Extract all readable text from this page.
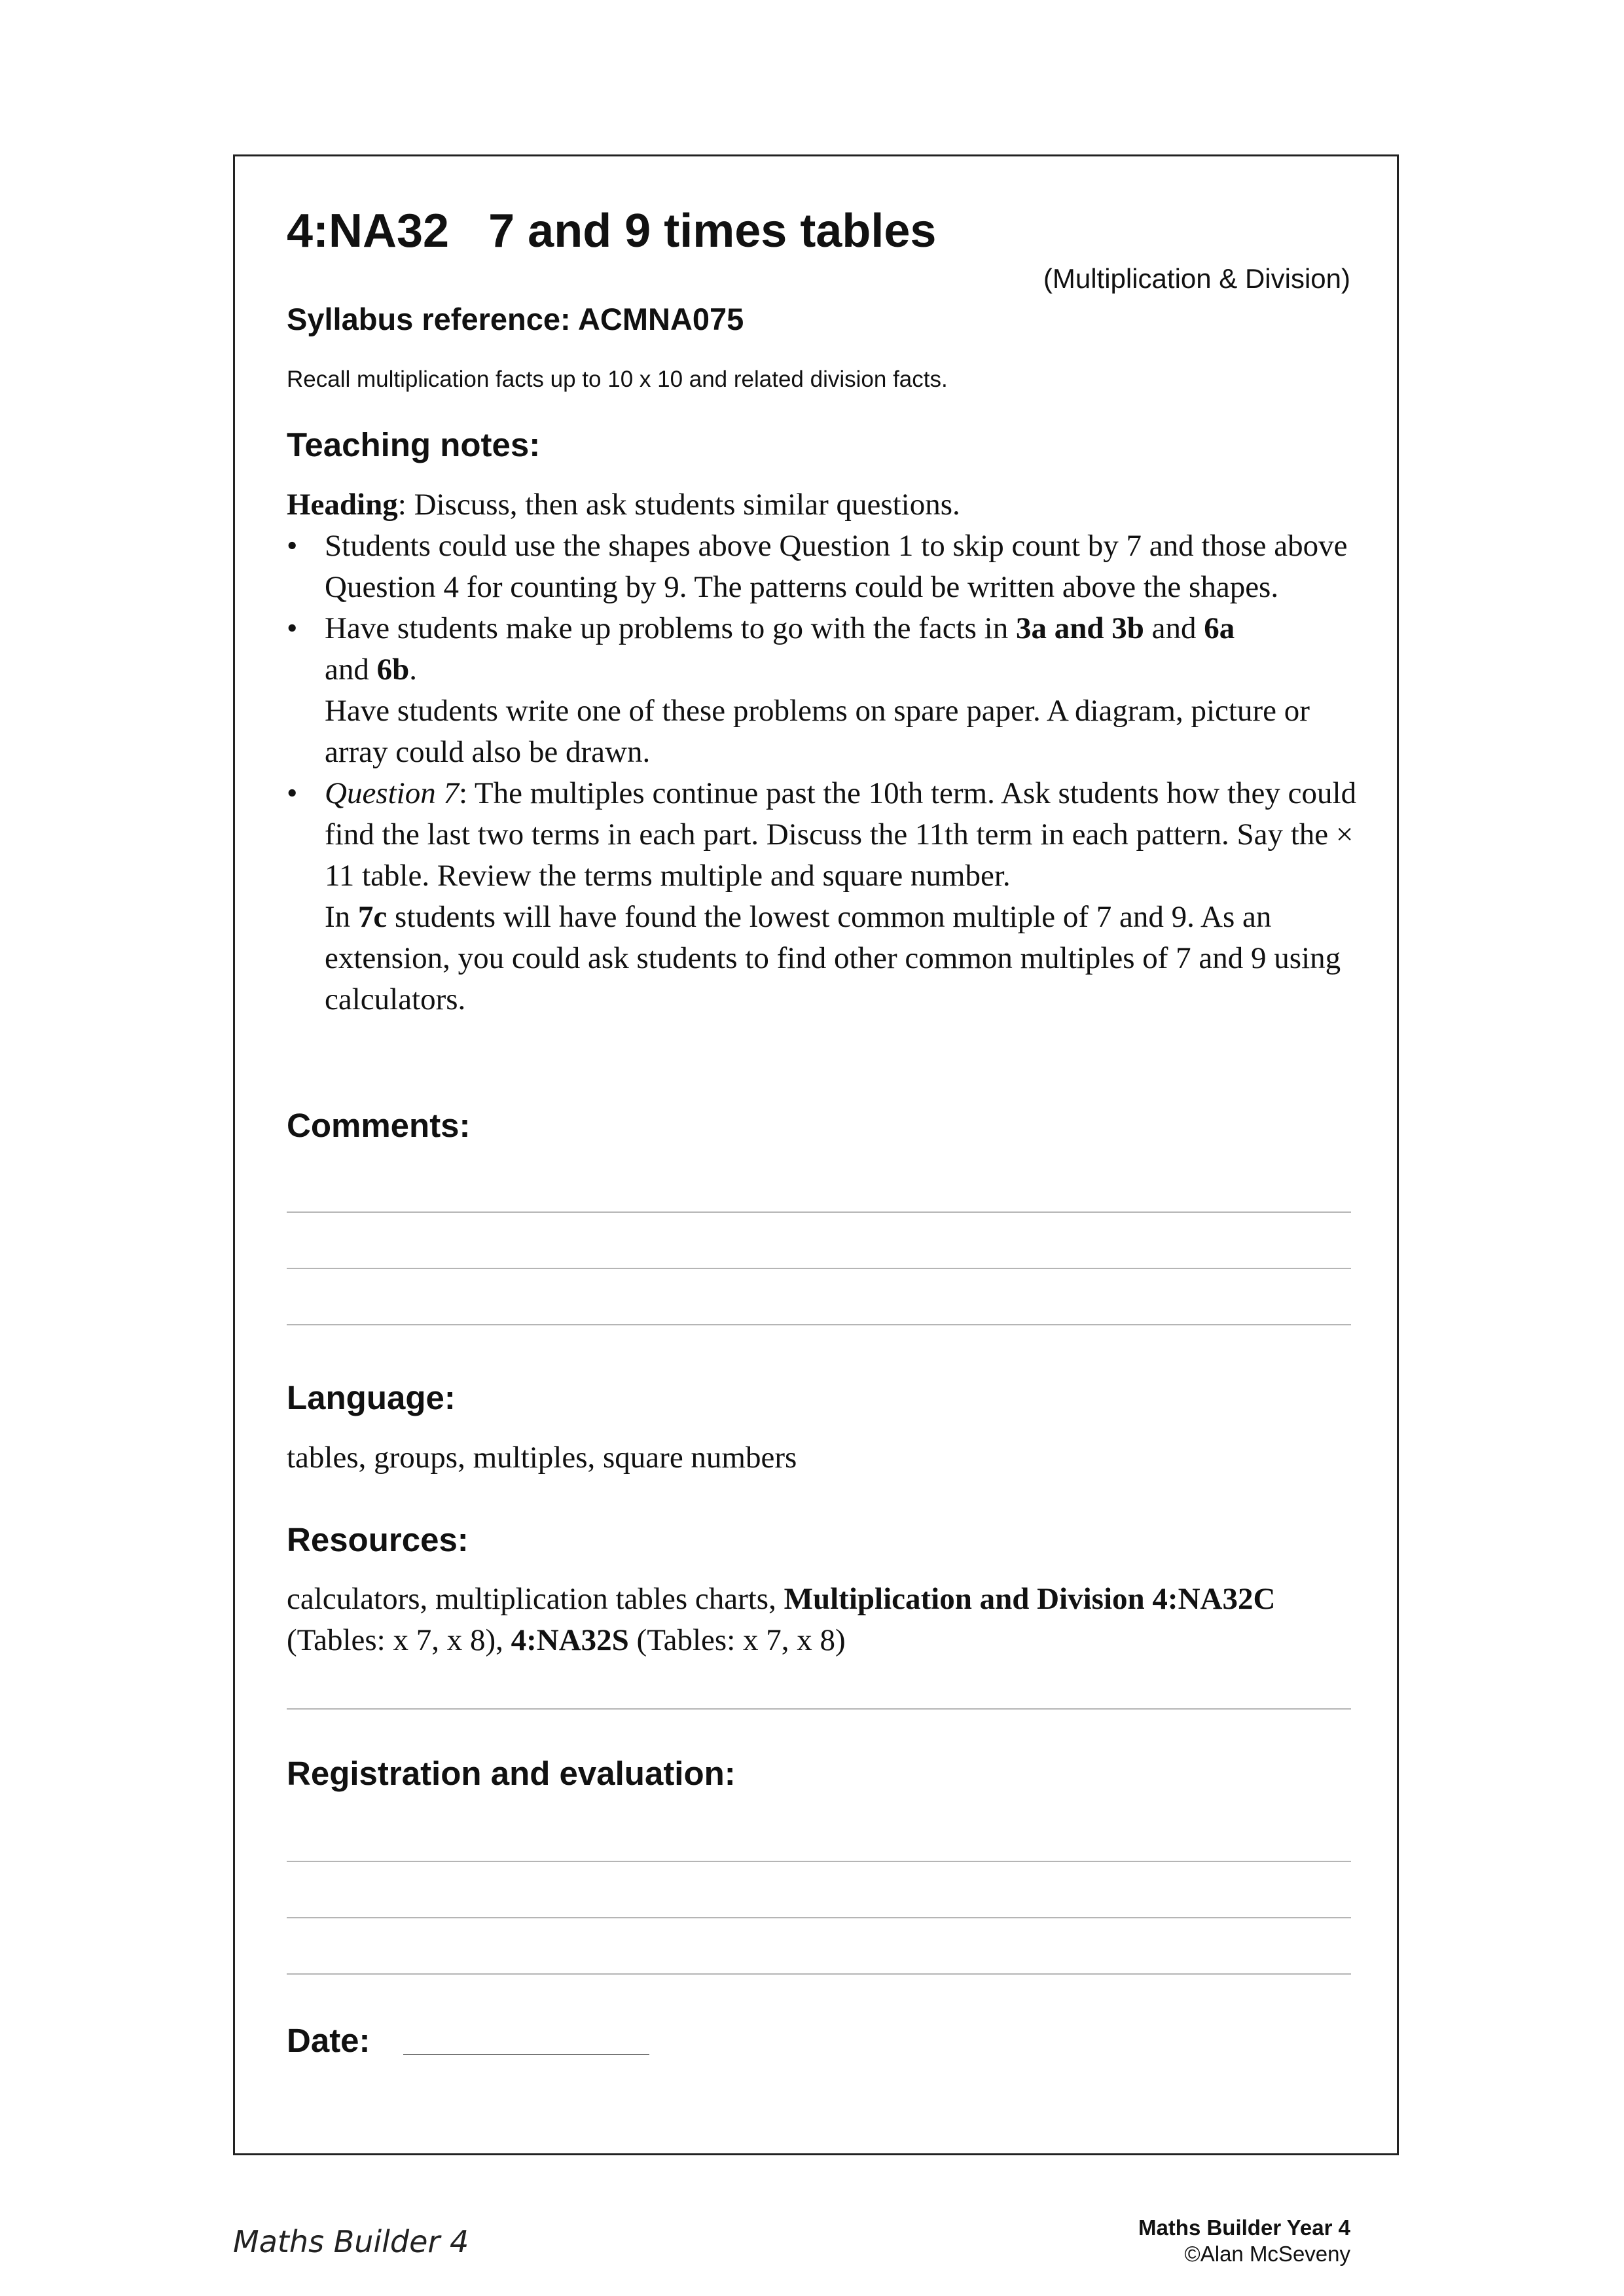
4:NA32 7 and 9 times tables
(Multiplication & Division)
Syllabus reference: ACMNA075
Recall multiplication facts up to 10 x 10 and related division facts.
Teaching notes:

Heading: Discuss, then ask students similar questions.

• Students could use the shapes above Question 1 to skip count by 7 and those above Question 4 for counting by 9. The patterns could be written above the shapes.
• Have students make up problems to go with the facts in 3a and 3b and 6a
and 6b.
Have students write one of these problems on spare paper. A diagram, picture or array could also be drawn.
• Question 7: The multiples continue past the 10th term. Ask students how they could find the last two terms in each part. Discuss the 11th term in each pattern. Say the × 11 table. Review the terms multiple and square number.
In 7c students will have found the lowest common multiple of 7 and 9. As an extension, you could ask students to find other common multiples of 7 and 9 using calculators.
Comments:
Language:
tables, groups, multiples, square numbers
Resources:
calculators, multiplication tables charts, Multiplication and Division 4:NA32C
(Tables: x 7, x 8), 4:NA32S (Tables: x 7, x 8)
Registration and evaluation:
Date:
Maths Builder 4	Maths Builder Year 4
©Alan McSeveny
